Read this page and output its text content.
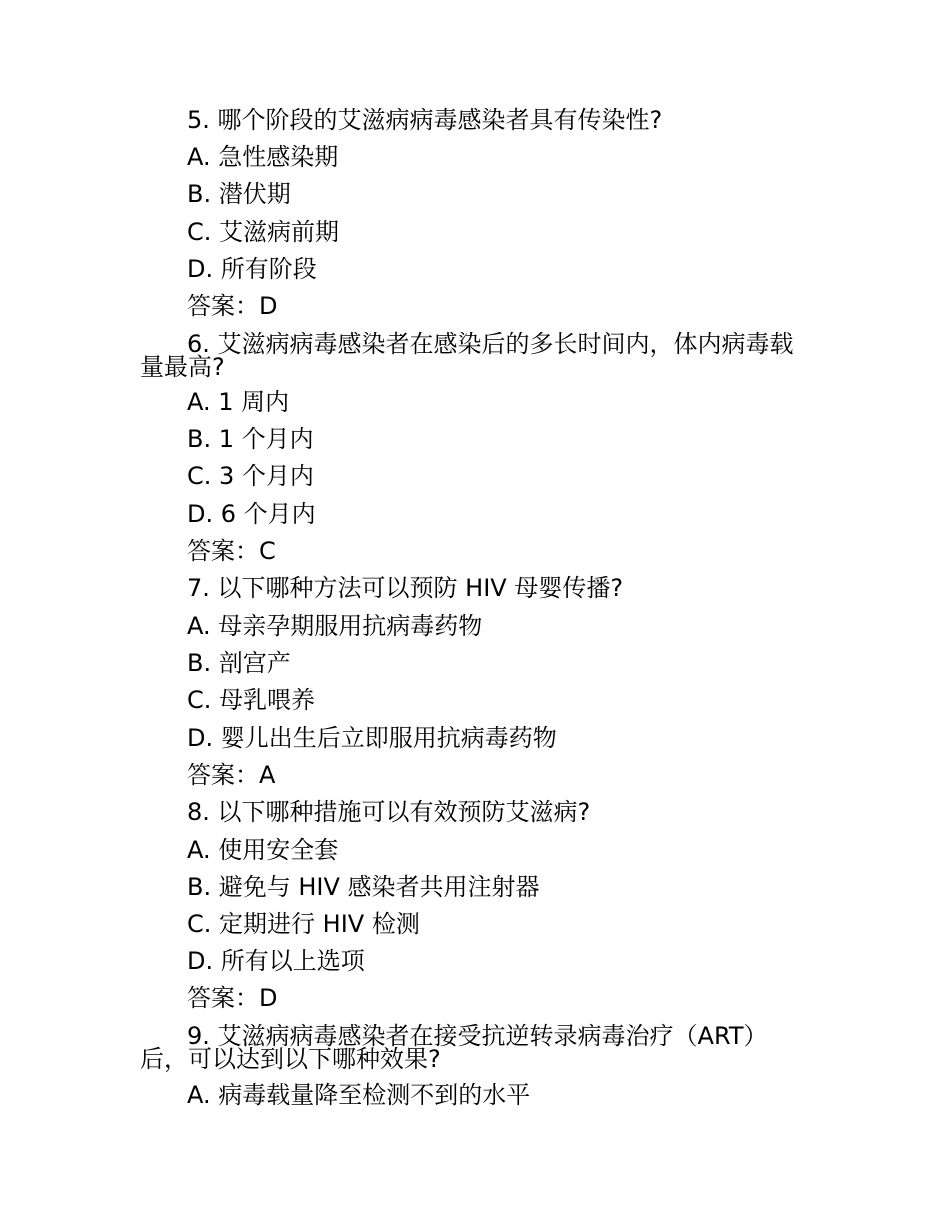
5. 哪个阶段的艾滋病病毒感染者具有传染性?
A. 急性感染期
B. 潜伏期
C. 艾滋病前期
D. 所有阶段
答案：D
6. 艾滋病病毒感染者在感染后的多长时间内，体内病毒载
量最高?
A. 1 周内
B. 1 个月内
C. 3 个月内
D. 6 个月内
答案：C
7. 以下哪种方法可以预防 HIV 母婴传播?
A. 母亲孕期服用抗病毒药物
B. 剖宫产
C. 母乳喂养
D. 婴儿出生后立即服用抗病毒药物
答案：A
8. 以下哪种措施可以有效预防艾滋病?
A. 使用安全套
B. 避免与 HIV 感染者共用注射器
C. 定期进行 HIV 检测
D. 所有以上选项
答案：D
9. 艾滋病病毒感染者在接受抗逆转录病毒治疗（ART）
后，可以达到以下哪种效果?
A. 病毒载量降至检测不到的水平
